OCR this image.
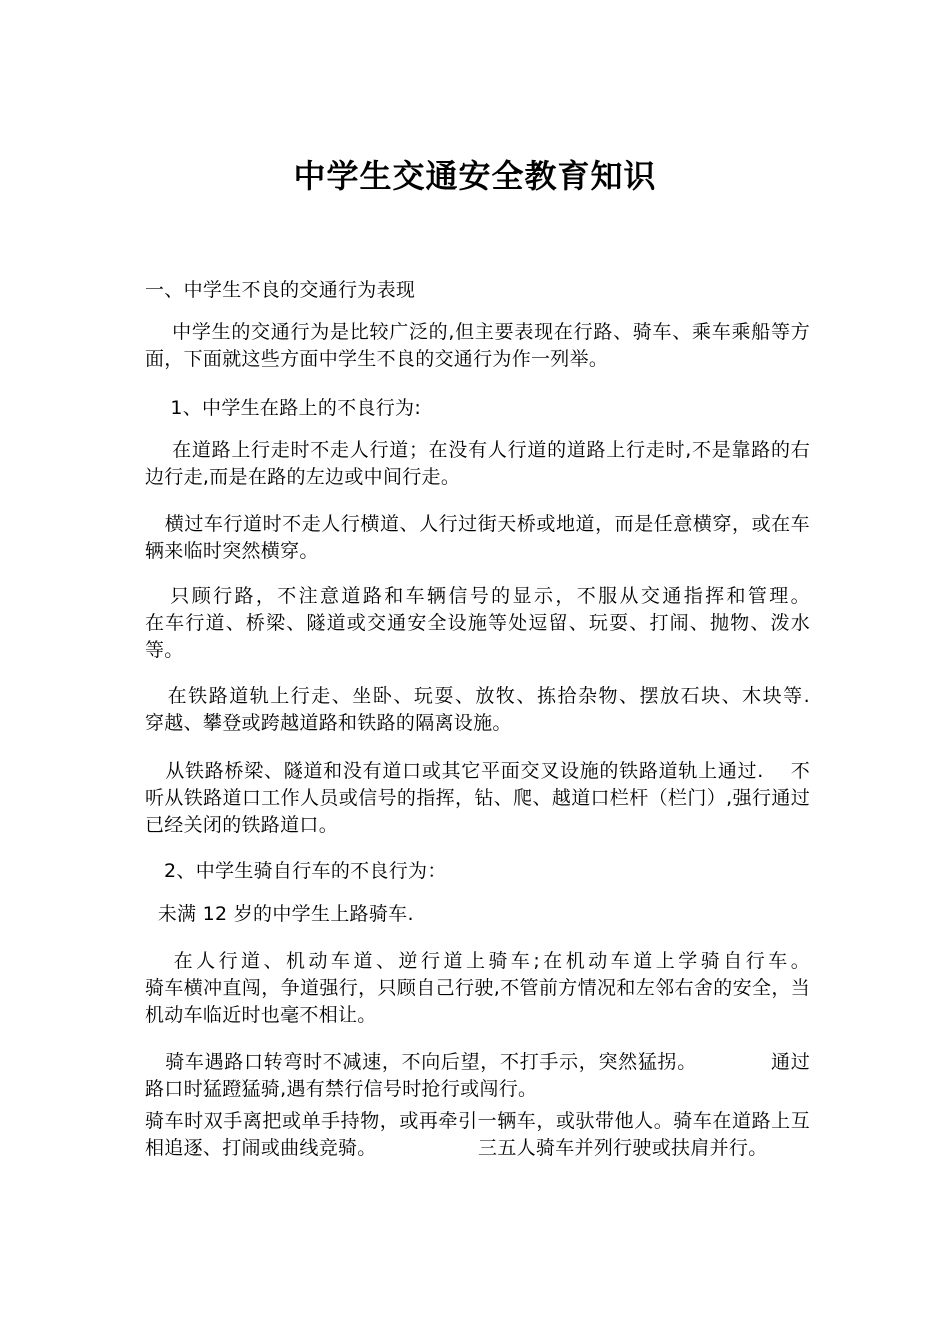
中学生交通安全教育知识
一、中学生不良的交通行为表现
中学生的交通行为是比较广泛的,但主要表现在行路、骑车、乘车乘船等方面，下面就这些方面中学生不良的交通行为作一列举。
1、中学生在路上的不良行为:
在道路上行走时不走人行道；在没有人行道的道路上行走时,不是靠路的右边行走,而是在路的左边或中间行走。
横过车行道时不走人行横道、人行过街天桥或地道，而是任意横穿，或在车辆来临时突然横穿。
只顾行路，不注意道路和车辆信号的显示，不服从交通指挥和管理。                在车行道、桥梁、隧道或交通安全设施等处逗留、玩耍、打闹、抛物、泼水等。
在铁路道轨上行走、坐卧、玩耍、放牧、拣拾杂物、摆放石块、木块等.    穿越、攀登或跨越道路和铁路的隔离设施。
从铁路桥梁、隧道和没有道口或其它平面交叉设施的铁路道轨上通过.    不听从铁路道口工作人员或信号的指挥，钻、爬、越道口栏杆（栏门）,强行通过已经关闭的铁路道口。
2、中学生骑自行车的不良行为：
未满 12 岁的中学生上路骑车.
在人行道、机动车道、逆行道上骑车;在机动车道上学骑自行车。                骑车横冲直闯，争道强行，只顾自己行驶,不管前方情况和左邻右舍的安全，当机动车临近时也毫不相让。
骑车遇路口转弯时不减速，不向后望，不打手示，突然猛拐。           通过路口时猛蹬猛骑,遇有禁行信号时抢行或闯行。
骑车时双手离把或单手持物，或再牵引一辆车，或驮带他人。骑车在道路上互相追逐、打闹或曲线竞骑。                三五人骑车并列行驶或扶肩并行。
